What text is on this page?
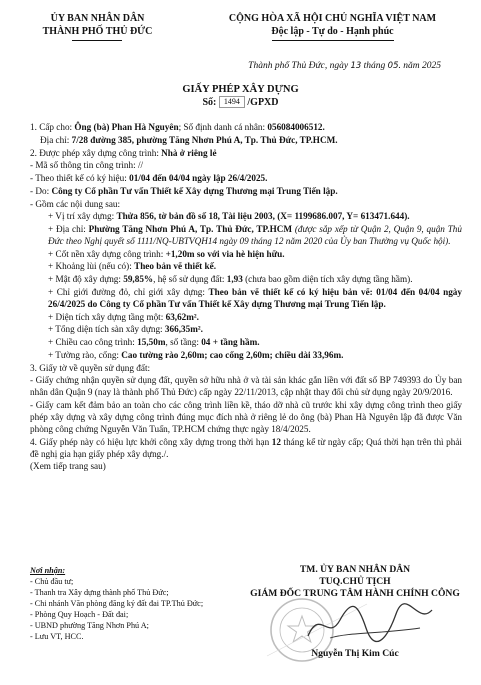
ỦY BAN NHÂN DÂN
THÀNH PHỐ THỦ ĐỨC
CỘNG HÒA XÃ HỘI CHỦ NGHĨA VIỆT NAM
Độc lập - Tự do - Hạnh phúc
Thành phố Thủ Đức, ngày 13 tháng 05. năm 2025
GIẤY PHÉP XÂY DỰNG
Số: 1494 /GPXD

1. Cấp cho: Ông (bà) Phan Hà Nguyên; Số định danh cá nhân: 056084006512.

Địa chỉ: 7/28 đường 385, phường Tăng Nhơn Phú A, Tp. Thủ Đức, TP.HCM.

2. Được phép xây dựng công trình: Nhà ở riêng lẻ

- Mã số thông tin công trình: //

- Theo thiết kế có ký hiệu: 01/04 đến 04/04 ngày lập 26/4/2025.

- Do: Công ty Cổ phần Tư vấn Thiết kế Xây dựng Thương mại Trung Tiến lập.

- Gồm các nội dung sau:

+ Vị trí xây dựng: Thửa 856, tờ bản đồ số 18, Tài liệu 2003, (X= 1199686.007, Y= 613471.644).

+ Địa chỉ: Phường Tăng Nhơn Phú A, Tp. Thủ Đức, TP.HCM (được sắp xếp từ Quận 2, Quận 9, quận Thủ Đức theo Nghị quyết số 1111/NQ-UBTVQH14 ngày 09 tháng 12 năm 2020 của Ủy ban Thường vụ Quốc hội).

+ Cốt nền xây dựng công trình: +1,20m so với via hè hiện hữu.

+ Khoảng lùi (nếu có): Theo bản vẽ thiết kế.

+ Mật độ xây dựng: 59,85%, hệ số sử dụng đất: 1,93 (chưa bao gồm diện tích xây dựng tầng hầm).

+ Chỉ giới đường đỏ, chỉ giới xây dựng: Theo bản vẽ thiết kế có ký hiệu bản vẽ: 01/04 đến 04/04 ngày 26/4/2025 do Công ty Cổ phần Tư vấn Thiết kế Xây dựng Thương mại Trung Tiến lập.

+ Diện tích xây dựng tầng một: 63,62m².

+ Tổng diện tích sàn xây dựng: 366,35m².

+ Chiều cao công trình: 15,50m, số tầng: 04 + tầng hầm.

+ Tường rào, cổng: Cao tường rào 2,60m; cao cổng 2,60m; chiều dài 33,96m.

3. Giấy tờ về quyền sử dụng đất:

- Giấy chứng nhận quyền sử dụng đất, quyền sở hữu nhà ở và tài sản khác gắn liền với đất số BP 749393 do Ủy ban nhân dân Quận 9 (nay là thành phố Thủ Đức) cấp ngày 22/11/2013, cập nhật thay đổi chủ sử dụng ngày 20/9/2016.

- Giấy cam kết đảm bảo an toàn cho các công trình liền kề, tháo dỡ nhà cũ trước khi xây dựng công trình theo giấy phép xây dựng và xây dựng công trình đúng mục đích nhà ở riêng lẻ do ông (bà) Phan Hà Nguyên lập đã được Văn phòng công chứng Nguyễn Văn Tuấn, TP.HCM chứng thực ngày 18/4/2025.

4. Giấy phép này có hiệu lực khởi công xây dựng trong thời hạn 12 tháng kể từ ngày cấp; Quá thời hạn trên thì phải đề nghị gia hạn giấy phép xây dựng./.

(Xem tiếp trang sau)

Nơi nhận:
- Chủ đầu tư;
- Thanh tra Xây dựng thành phố Thủ Đức;
- Chi nhánh Văn phòng đăng ký đất đai TP.Thủ Đức;
- Phòng Quy Hoạch - Đất đai;
- UBND phường Tăng Nhơn Phú A;
- Lưu VT, HCC.
TM. ỦY BAN NHÂN DÂN
TUQ.CHỦ TỊCH
GIÁM ĐỐC TRUNG TÂM HÀNH CHÍNH CÔNG
Nguyễn Thị Kim Cúc
